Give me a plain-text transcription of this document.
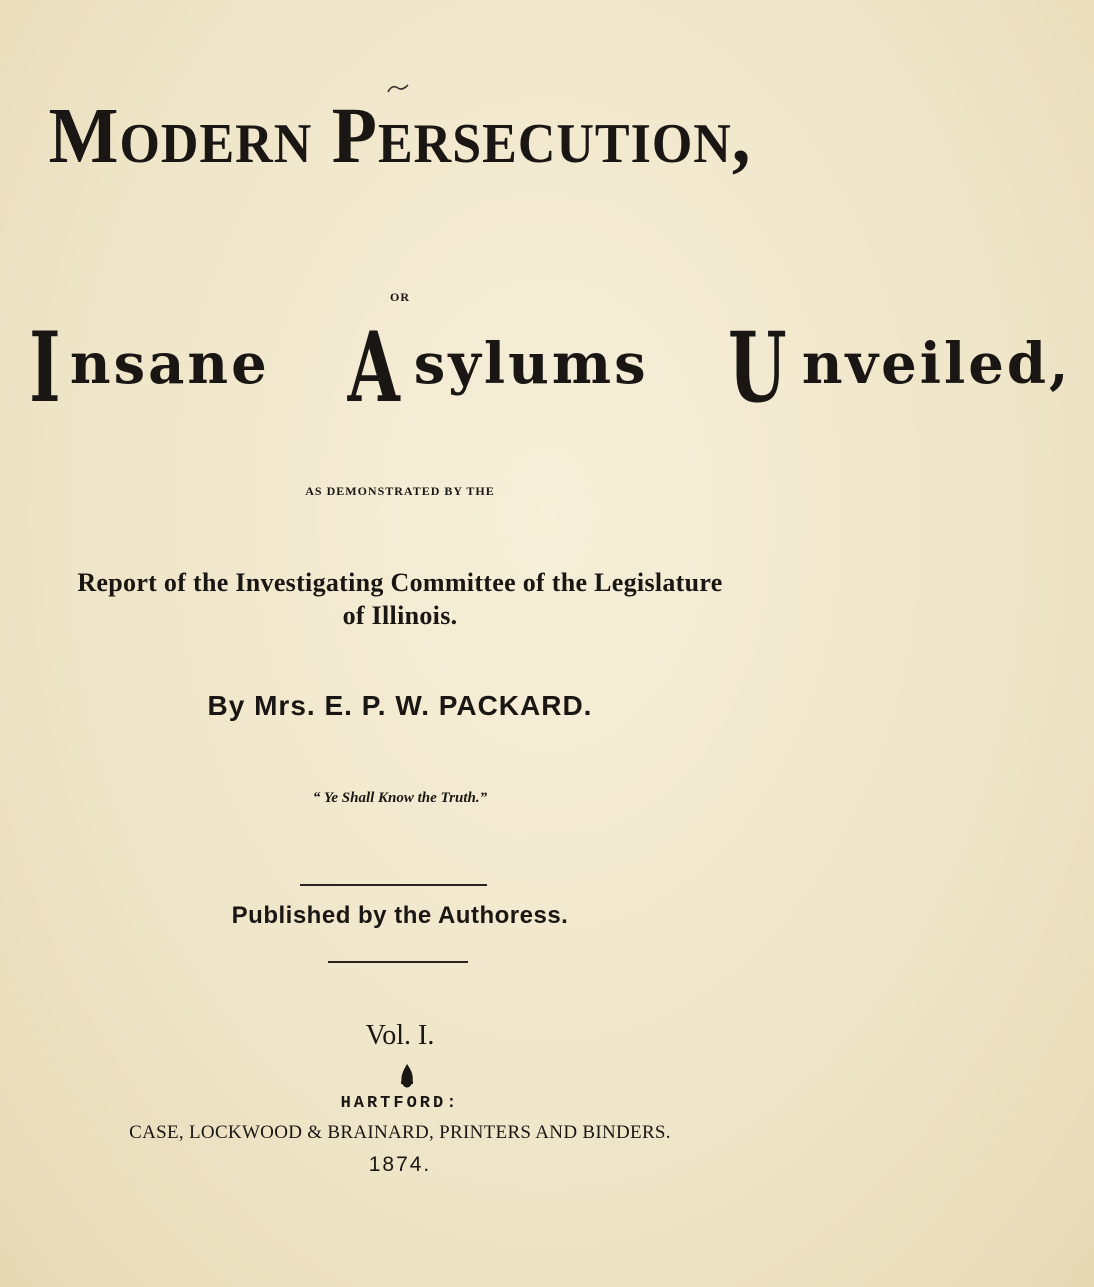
Modern Persecution,
OR
Insane A sylums U nveiled,
AS DEMONSTRATED BY THE
Report of the Investigating Committee of the Legislature
of Illinois.
By Mrs. E. P. W. PACKARD.
“ Ye Shall Know the Truth.”
Published by the Authoress.
Vol. I.
HARTFORD:
CASE, LOCKWOOD & BRAINARD, PRINTERS AND BINDERS.
1874.
